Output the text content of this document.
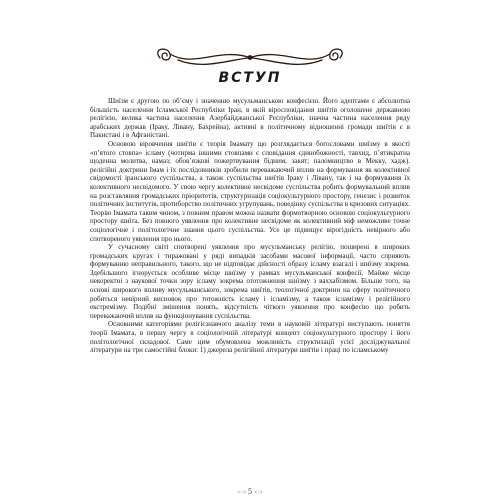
ВСТУП

Шиїзм є другою по об’єму і значенню мусульманською конфесією. Його адептами є абсолютна більшість населення Ісламської Республіки Іран, в якій віросповідання шиїтів оголошене державною релігією, велика частина населення Азербайджанської Республіки, значна частина населення ряду арабських держав (Іраку, Лівану, Бахрейна), активні в політичному відношенні громади шиїтів є в Пакистані і в Афганістані.

Основою віровчення шиїтів є теорія Імамату що розглядається богословами шиїзму в якості «п’ятого стовпа» ісламу (чотирма іншими стовпами є сповідання єдинобожності, тавхид, п’ятикратна щоденна молитва, намаз; обов’язкові пожертвування бідним, закят; паломництво в Мекку, хадж). релігійні доктрини Імам і їх послідовників зробили переважаючий вплив на формування як колективної свідомості іранського суспільства, а також суспільства шиїтів Іраку і Лівану, так і на формування їх колективного несвідомого. У свою чергу колективне несвідоме суспільства робить формувальний вплив на розставляння громадських пріоритетів, структуризація соціокультурного простору, генезис і розвиток політичних інститутів, протиборство політичних угрупувань, поведінку суспільства в кризових ситуаціях. Теорію Імамата таким чином, з повним правом можна назвати формотворною основою соціокультурного простору шиїта. Без повного уявлення про колективне несвідоме як колективний міф неможливе точне соціологічне і політологічне знання цього суспільства. Усе це підвищує вірогідність невірного або спотвореного уявлення про нього.

У сучасному світі спотворені уявлення про мусульманську релігію, поширені в широких громадських кругах і тиражовані у ряді випадків засобами масової інформації, часто сприяють формуванню неправильного, такого, що не відповідає дійсності образу ісламу взагалі і шиїзму зокрема. Здебільшого ігнорується особливе місце шиїзму у рамках мусульманської конфесії. Майже місце некоректні з наукової точки зору ісламу зокрема ототожнення шиїзму з ваххабізмом. Більше того, на основі широкого впливу мусульманського, зокрема шиїтів, теологічної доктрини на сферу політичного робиться невірний висновок про тотожність ісламу і ісламізму, а також ісламізму і релігійного екстремізму. Подібні змішення понять, відсутність чіткого уявлення про конфесію що робить переважаючий вплив на функціонування суспільства.

Основними категоріями релігієзнавчого аналізу теми в науковій літературі виступають поняття теорії Імамата, в першу чергу в соціологічній літературі концепт соціокультурного простору і його політологічної складової. Саме цим обумовлена можливість структизації усієї досліджувальної літератури на три самостійні блоки: 1) джерела релігійної літератури шиїтів і праці по ісламському

<·> 5 <·>
